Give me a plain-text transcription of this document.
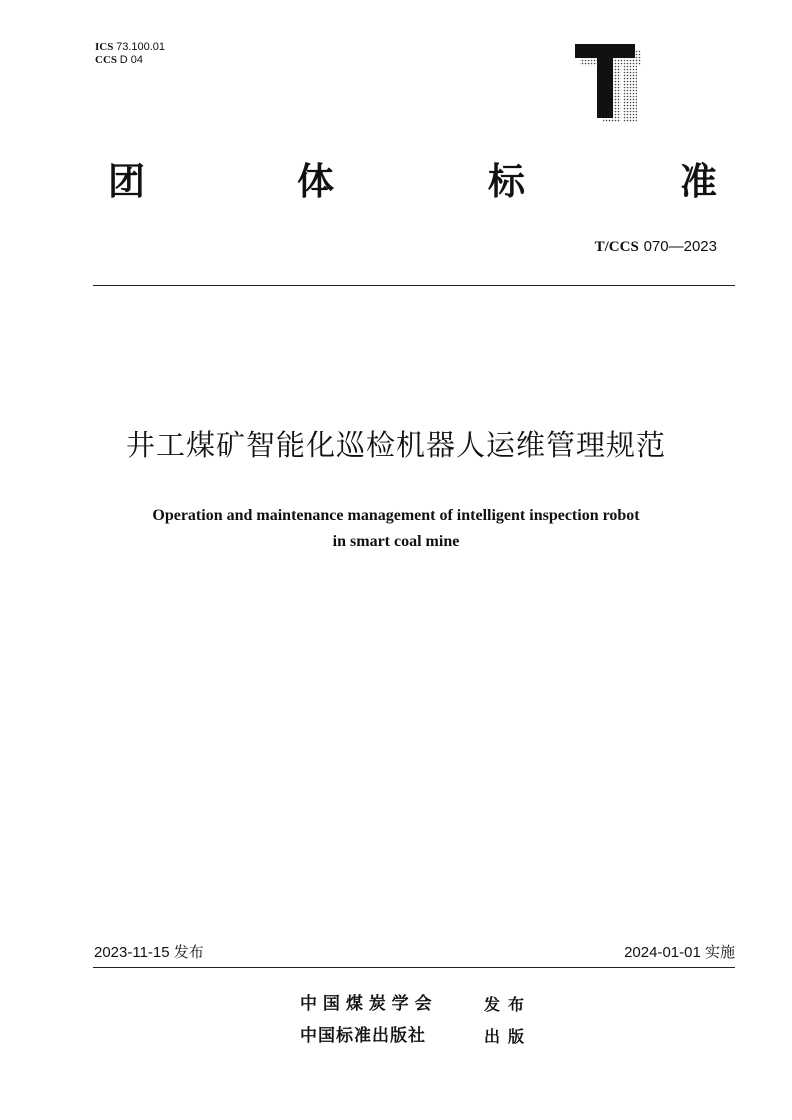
ICS 73.100.01
CCS D 04
团	体	标	准
T/CCS 070—2023
井工煤矿智能化巡检机器人运维管理规范
Operation and maintenance management of intelligent inspection robot
in smart coal mine
2023-11-15 发布	2024-01-01 实施
中 国 煤 炭 学 会	发布
中国标准出版社	出版
